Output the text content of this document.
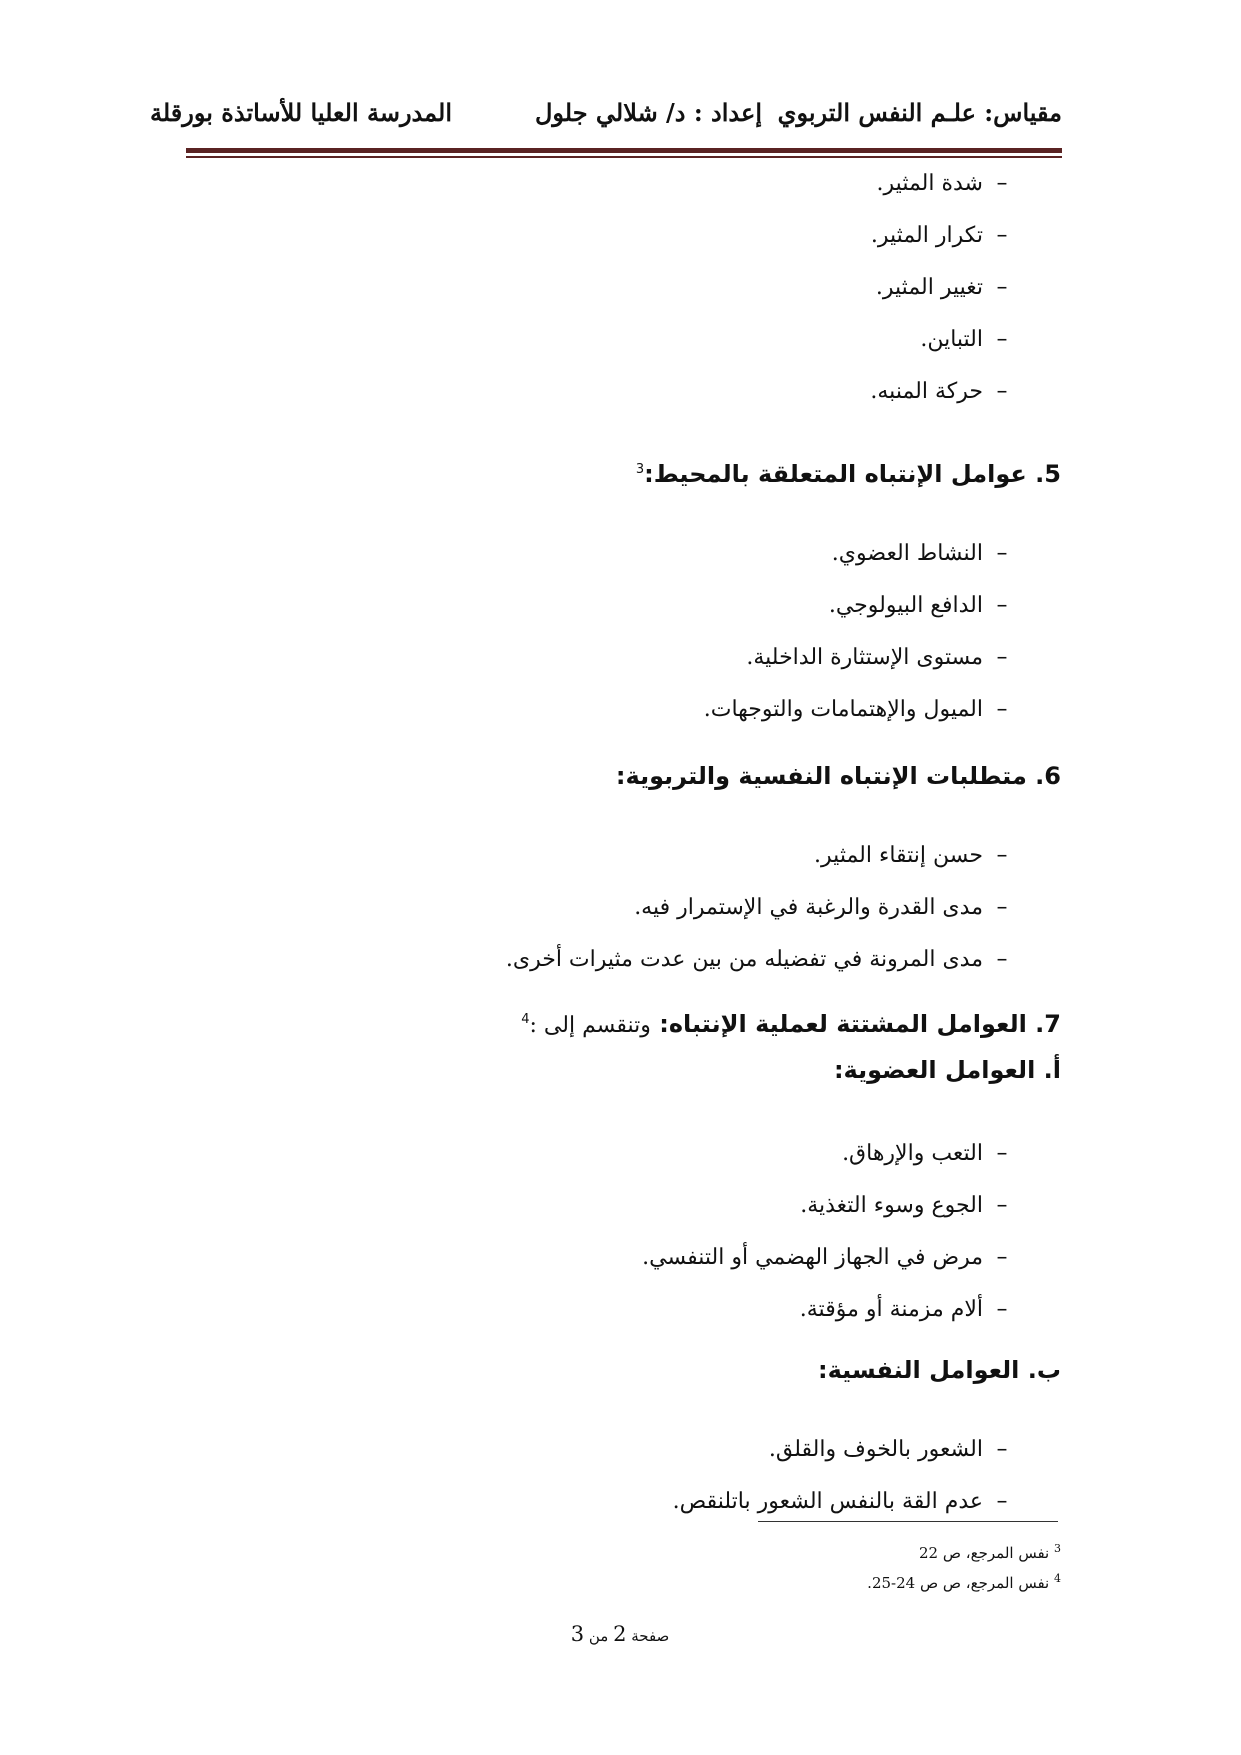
مقياس: علـم النفس التربوي
إعداد : د/ شلالي جلول
المدرسة العليا للأساتذة بورقلة
–شدة المثير.
–تكرار المثير.
–تغيير المثير.
–التباين.
–حركة المنبه.
5. عوامل الإنتباه المتعلقة بالمحيط:$^3$
–النشاط العضوي.
–الدافع البيولوجي.
–مستوى الإستثارة الداخلية.
–الميول والإهتمامات والتوجهات.
6. متطلبات الإنتباه النفسية والتربوية:
–حسن إنتقاء المثير.
–مدى القدرة والرغبة في الإستمرار فيه.
–مدى المرونة في تفضيله من بين عدت مثيرات أخرى.
7. العوامل المشتتة لعملية الإنتباه: وتنقسم إلى :$^4$
أ. العوامل العضوية:
–التعب والإرهاق.
–الجوع وسوء التغذية.
–مرض في الجهاز الهضمي أو التنفسي.
–ألام مزمنة أو مؤقتة.
ب. العوامل النفسية:
–الشعور بالخوف والقلق.
–عدم القة بالنفس الشعور باتلنقص.
$^3$ نفس المرجع، ص 22
$^4$ نفس المرجع، ص ص 24-25.
صفحة 2 من 3
